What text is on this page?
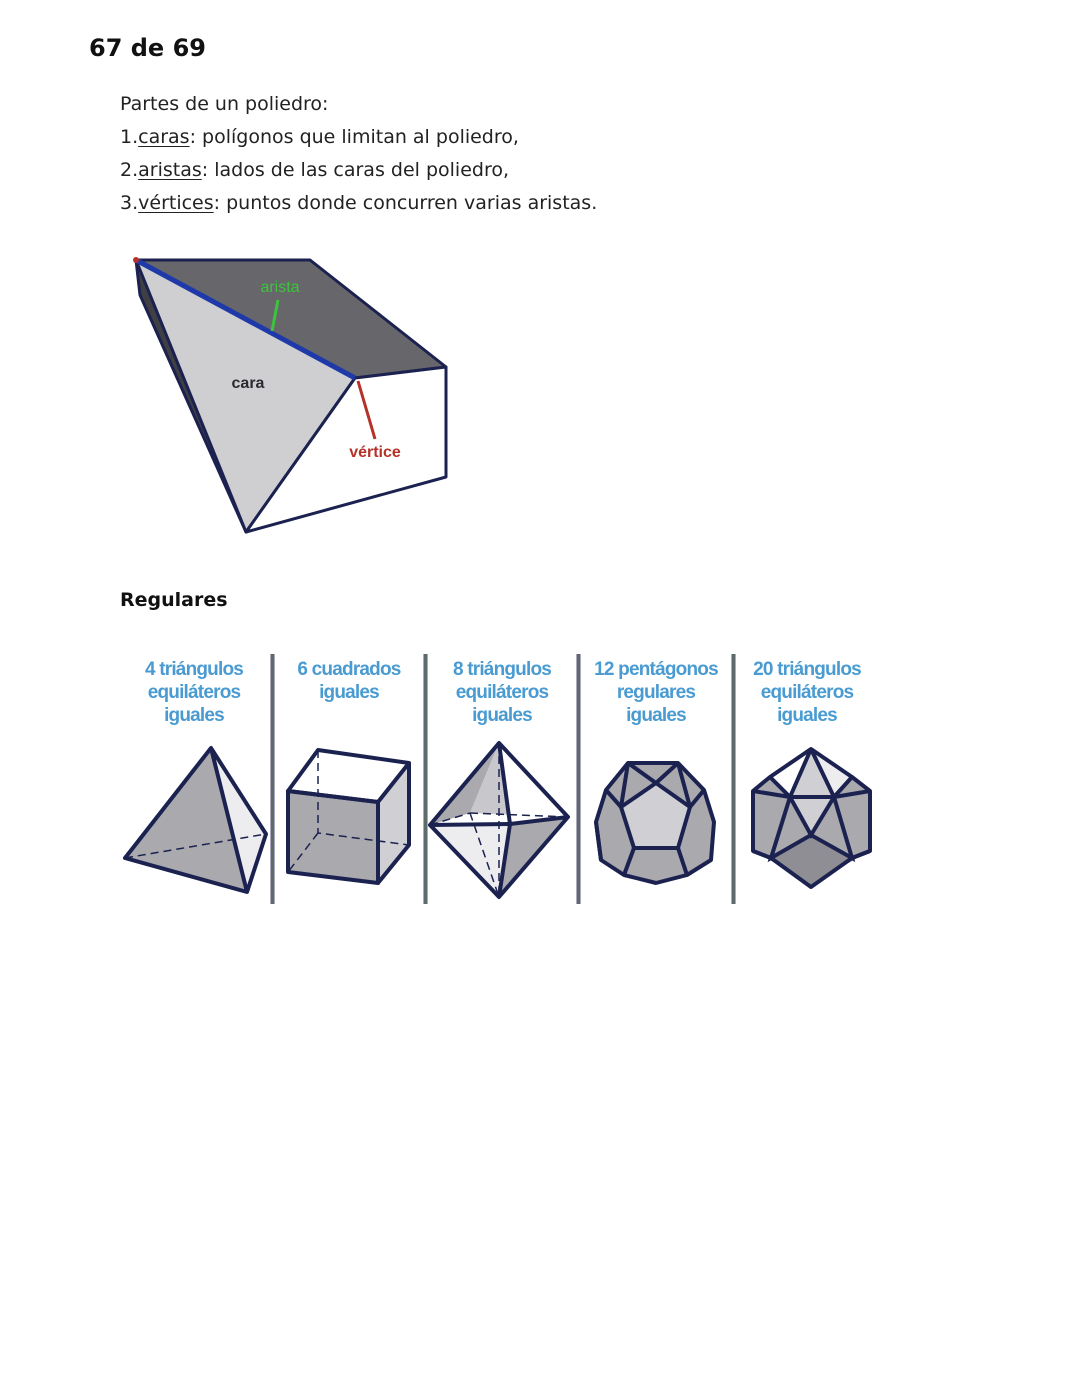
67 de 69

Partes de un poliedro:

1.caras: polígonos que limitan al poliedro,

2.aristas: lados de las caras del poliedro,

3.vértices: puntos donde concurren varias aristas.

arista
cara
vértice
Regulares
4 triángulos
equiláteros
iguales
6 cuadrados
iguales
8 triángulos
equiláteros
iguales
12 pentágonos
regulares
iguales
20 triángulos
equiláteros
iguales
